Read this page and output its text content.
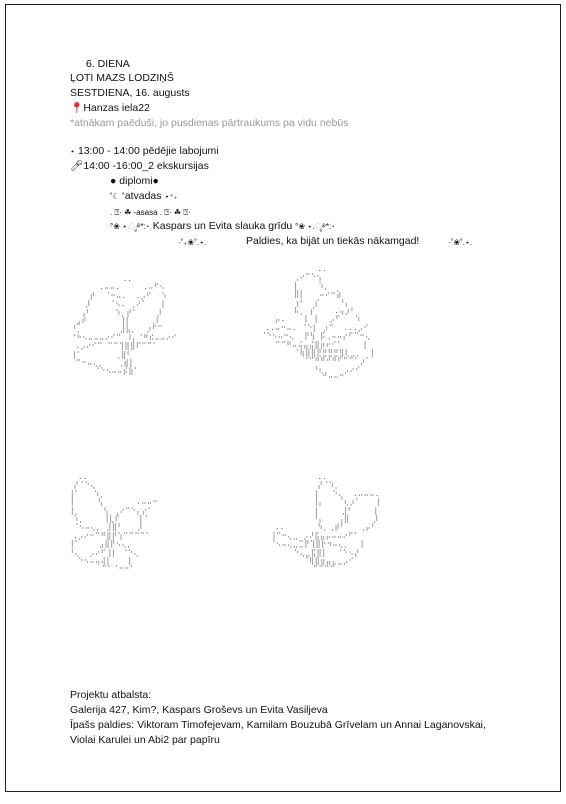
6. DIENA
ĻOTI MAZS LODZIŅŠ
SESTDIENA, 16. augusts
📍︎Hanzas iela22
*atnākam paēduši, jo pusdienas pārtraukums pa vidu nebūs
⋆ 13:00 - 14:00 pēdējie labojumi
🎤︎14:00 -16:00_2 ekskursijas
● diplomi●
˚☾ ˚atvadas ⋆⁺₊
. ⍰· ☘ -asasa . ⍰· ☘ ⍰·
°❀ ⋆.ೃ࿔*:･ Kaspars un Evita slauka grīdu °❀ ⋆.ೃ࿔*:･
·˚₊❀˚.⋆.	Paldies, ka bijāt un tiekās nākamgad!	·˚❀˚.⋆.
..
.⠤⠤.     .⠤⠋⠢
⡞  ⠈⠒⠤.  .⡠⠋  ⠱
⡸    ⠈⠢. ⢀⠔⠁   ⡇
⢠⠃     ⠱⡀⡞⠁    ⡸
⣠⠞       ⢸⡇    ⢀⠇
⠘⡀        ⣸⣧⡀  ⡰⠋⠉
⠈⠓⠢⠤⠤⠤⠔⠊⠉ ⠸⡄⠈⠛⠮⠤⠤⠔⠊
.⡠⠔⠊⠉ ⠉⠉⢹⣿⣿⠏⠉⠉⠁
⢸⠁       ⢀⣿⠃
⠉⠒⠤⢄⡀   ⢀⣾⡇
⠈⠑⠢⠤⠤⡮⣷⠁
..
⢀⠔⠉⠑⢢
⡇    ⠱⡀
⣿⡇   ⠤⠔⠒⣵
⢰⠃  ⡎    ⠘⡄
⠧⡀ ⡎    .⢤⡰⠃
⡤.    ⡇ ⡇  ⡠⠋   ⠱
..⠤⠒⠤. ⠈⠑⡇ ⡰⠉  ...⡠⠊
⠈⠑⠢⠤⠒⢄  ⡟⢳ ⡯⢀⠤⠤⡔⠋⠉⠒⢄
⠉⠉⠛⠤⢬⣤⣬⣿⡶⠖⠊⠁    ⢸
⠈⢷⣿⣿⣟⣛⣛⣛⣻⢇⣀⡀  ⡇
⠈⠉⠛⠛⠚⠛⠋⠉⠉⠁⡰⠁
⠘⢆⡀   ⡠⠔⠊
⠉⠒⠒⠉
..
⡜⠈⠑⢄
⢸⠁   ⠱⡀
⢸     ⢣       .⠤⠤⠒
⢸⡀     ⢣ ⢀⠔⠉⠑⡄⡔⠁
⠱⡀    ⢸⣇⠏    ⡇⠁
⠈⠢⠤⢄⡀ ⣸⣿⠃   ⡸
.⡠⠔⠒⠉⠛⣿⡟⢱⠉⠉⠉⠉⠁
⢸⠁    ⣠⣿⡟⠢⢄⡀
⠘⢄  ⡠⠔⠋⢸⡇ ⠈⠑⢄
⠑⠢⠤⢤⢼⡇   ⢸
⠉⠁⠈⠒⠒⠁
..
⡜⠈⠱⡀
⢸   ⠑⢄  .⠤⠤⠤.
⢸⡄   ⠈⢆⡰⠁   ⢸
⢸     ⣸⠃    ⢸
⠘⡄   ⢠⣿     ⡸
..       ⠳⡀⢀⡾⠃   ⢀⡤⠃
⢸⠉⠒⢄⣀ ⡠⠜⣯⣤⡤⠤⠤⠔⠋⠁
⠈⠢⠤⢄⣀⣉⡟⢹⣿⡗⠲⠤⢄⡀  ⢸
⠑⢄⣀⣯⣿⡇  ⠈⠑⠢⡜
⠈⢿⣿⣶⣤⣄⣀⡠⠊
⠉⠉⠉⠉
Projektu atbalsta:
Galerija 427, Kim?, Kaspars Groševs un Evita Vasiljeva
Īpašs paldies: Viktoram Timofejevam, Kamilam Bouzubā Grīvelam un Annai Laganovskai,
Violai Karulei un Abi2 par papīru
